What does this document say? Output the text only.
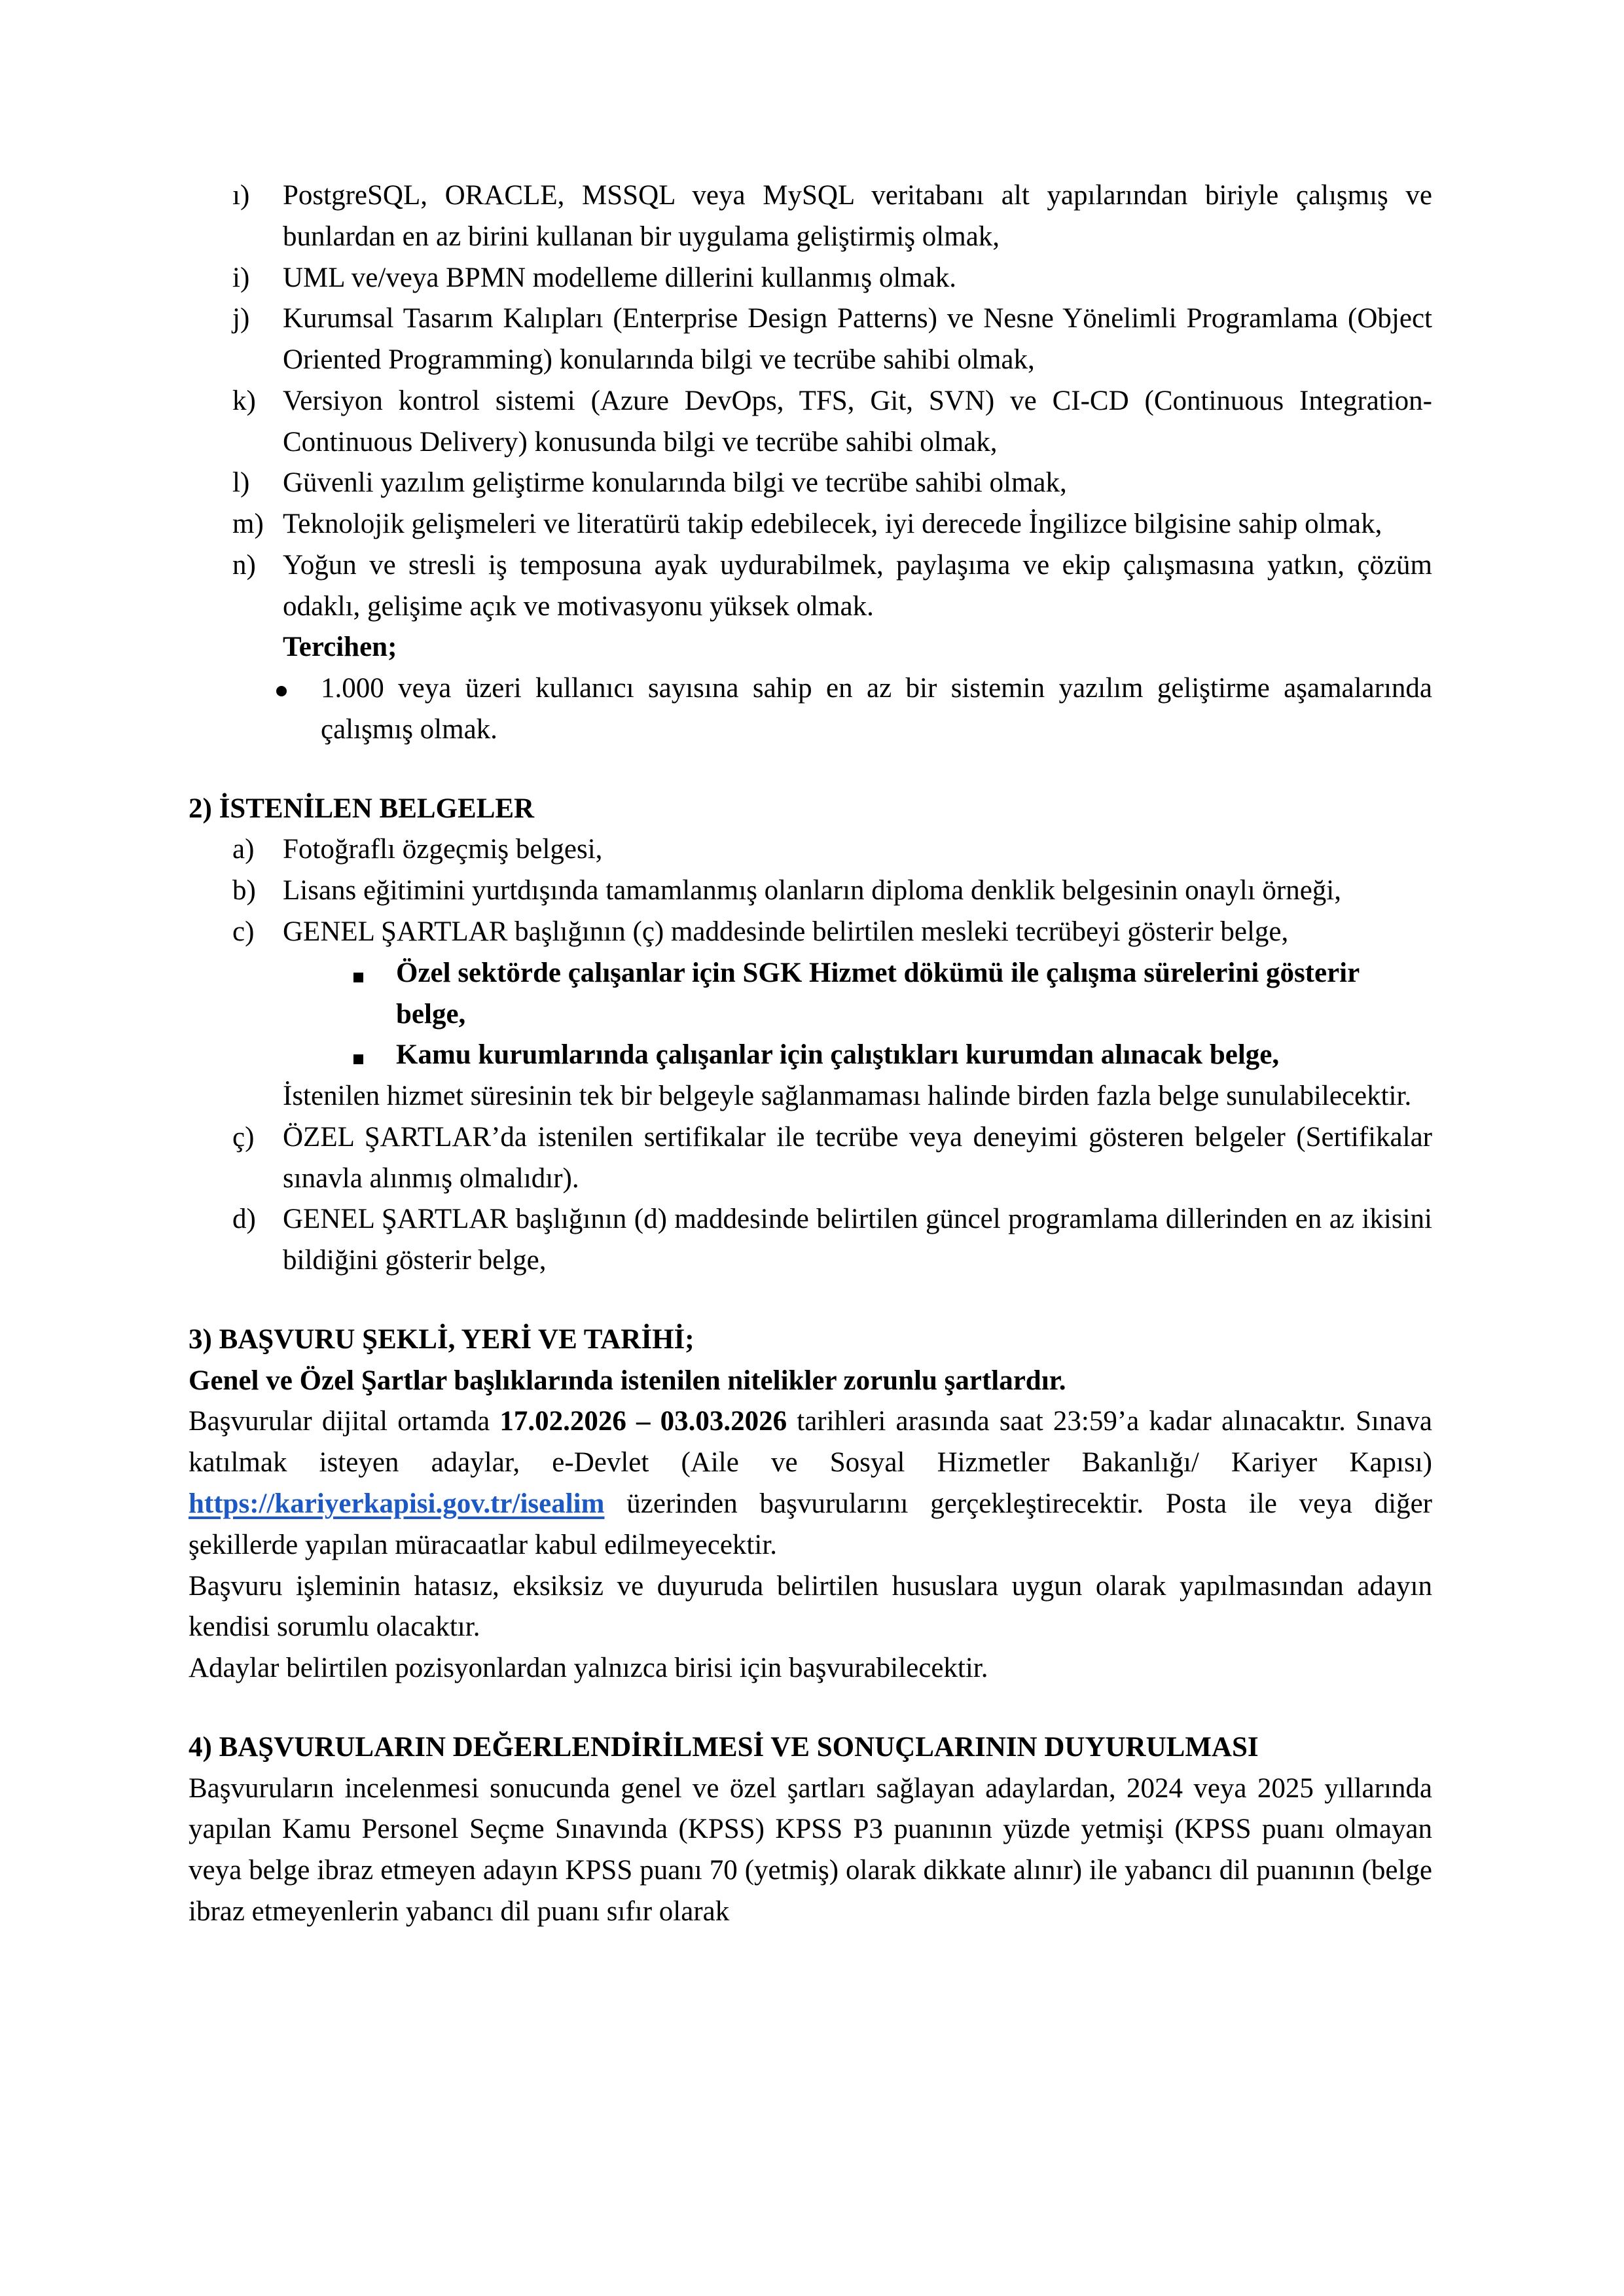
ı)	PostgreSQL, ORACLE, MSSQL veya MySQL veritabanı alt yapılarından biriyle çalışmış ve bunlardan en az birini kullanan bir uygulama geliştirmiş olmak,
i)	UML ve/veya BPMN modelleme dillerini kullanmış olmak.
j)	Kurumsal Tasarım Kalıpları (Enterprise Design Patterns) ve Nesne Yönelimli Programlama (Object Oriented Programming) konularında bilgi ve tecrübe sahibi olmak,
k) Versiyon kontrol sistemi (Azure DevOps, TFS, Git, SVN) ve CI-CD (Continuous Integration-Continuous Delivery) konusunda bilgi ve tecrübe sahibi olmak,
l)	Güvenli yazılım geliştirme konularında bilgi ve tecrübe sahibi olmak,
m) Teknolojik gelişmeleri ve literatürü takip edebilecek, iyi derecede İngilizce bilgisine sahip olmak,
n) Yoğun ve stresli iş temposuna ayak uydurabilmek, paylaşıma ve ekip çalışmasına yatkın, çözüm odaklı, gelişime açık ve motivasyonu yüksek olmak.
Tercihen;
1.000 veya üzeri kullanıcı sayısına sahip en az bir sistemin yazılım geliştirme aşamalarında çalışmış olmak.
2) İSTENİLEN BELGELER
a)	Fotoğraflı özgeçmiş belgesi,
b) Lisans eğitimini yurtdışında tamamlanmış olanların diploma denklik belgesinin onaylı örneği,
c)	GENEL ŞARTLAR başlığının (ç) maddesinde belirtilen mesleki tecrübeyi gösterir belge,
Özel sektörde çalışanlar için SGK Hizmet dökümü ile çalışma sürelerini gösterir belge,
Kamu kurumlarında çalışanlar için çalıştıkları kurumdan alınacak belge,
İstenilen hizmet süresinin tek bir belgeyle sağlanmaması halinde birden fazla belge sunulabilecektir.
ç)	ÖZEL ŞARTLAR’da istenilen sertifikalar ile tecrübe veya deneyimi gösteren belgeler (Sertifikalar sınavla alınmış olmalıdır).
d) GENEL ŞARTLAR başlığının (d) maddesinde belirtilen güncel programlama dillerinden en az ikisini bildiğini gösterir belge,
3) BAŞVURU ŞEKLİ, YERİ VE TARİHİ;
Genel ve Özel Şartlar başlıklarında istenilen nitelikler zorunlu şartlardır.

Başvurular dijital ortamda 17.02.2026 – 03.03.2026 tarihleri arasında saat 23:59’a kadar alınacaktır. Sınava katılmak isteyen adaylar, e-Devlet (Aile ve Sosyal Hizmetler Bakanlığı/ Kariyer Kapısı) https://kariyerkapisi.gov.tr/isealim üzerinden başvurularını gerçekleştirecektir. Posta ile veya diğer şekillerde yapılan müracaatlar kabul edilmeyecektir.

Başvuru işleminin hatasız, eksiksiz ve duyuruda belirtilen hususlara uygun olarak yapılmasından adayın kendisi sorumlu olacaktır.

Adaylar belirtilen pozisyonlardan yalnızca birisi için başvurabilecektir.

4) BAŞVURULARIN DEĞERLENDİRİLMESİ VE SONUÇLARININ DUYURULMASI

Başvuruların incelenmesi sonucunda genel ve özel şartları sağlayan adaylardan, 2024 veya 2025 yıllarında yapılan Kamu Personel Seçme Sınavında (KPSS) KPSS P3 puanının yüzde yetmişi (KPSS puanı olmayan veya belge ibraz etmeyen adayın KPSS puanı 70 (yetmiş) olarak dikkate alınır) ile yabancı dil puanının (belge ibraz etmeyenlerin yabancı dil puanı sıfır olarak
